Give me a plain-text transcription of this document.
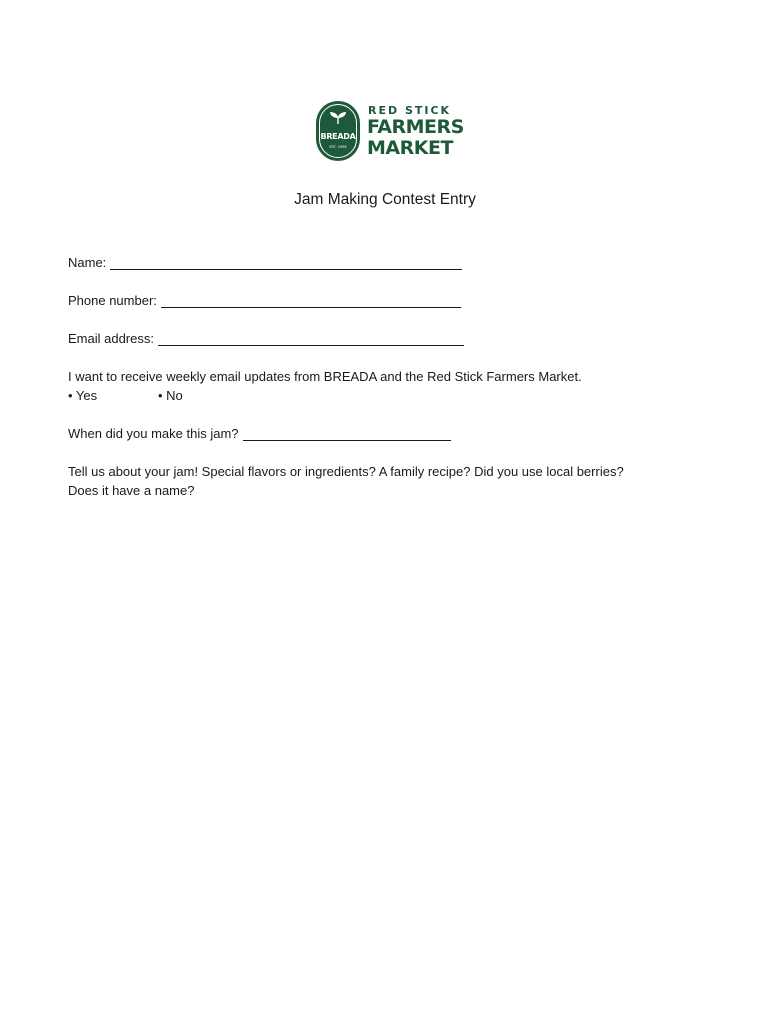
BREADA
EST. 1996
RED STICK
FARMERS
MARKET
Jam Making Contest Entry
Name:
Phone number:
Email address:
I want to receive weekly email updates from BREADA and the Red Stick Farmers Market.
• Yes	• No
When did you make this jam?
Tell us about your jam! Special flavors or ingredients? A family recipe? Did you use local berries?
Does it have a name?
